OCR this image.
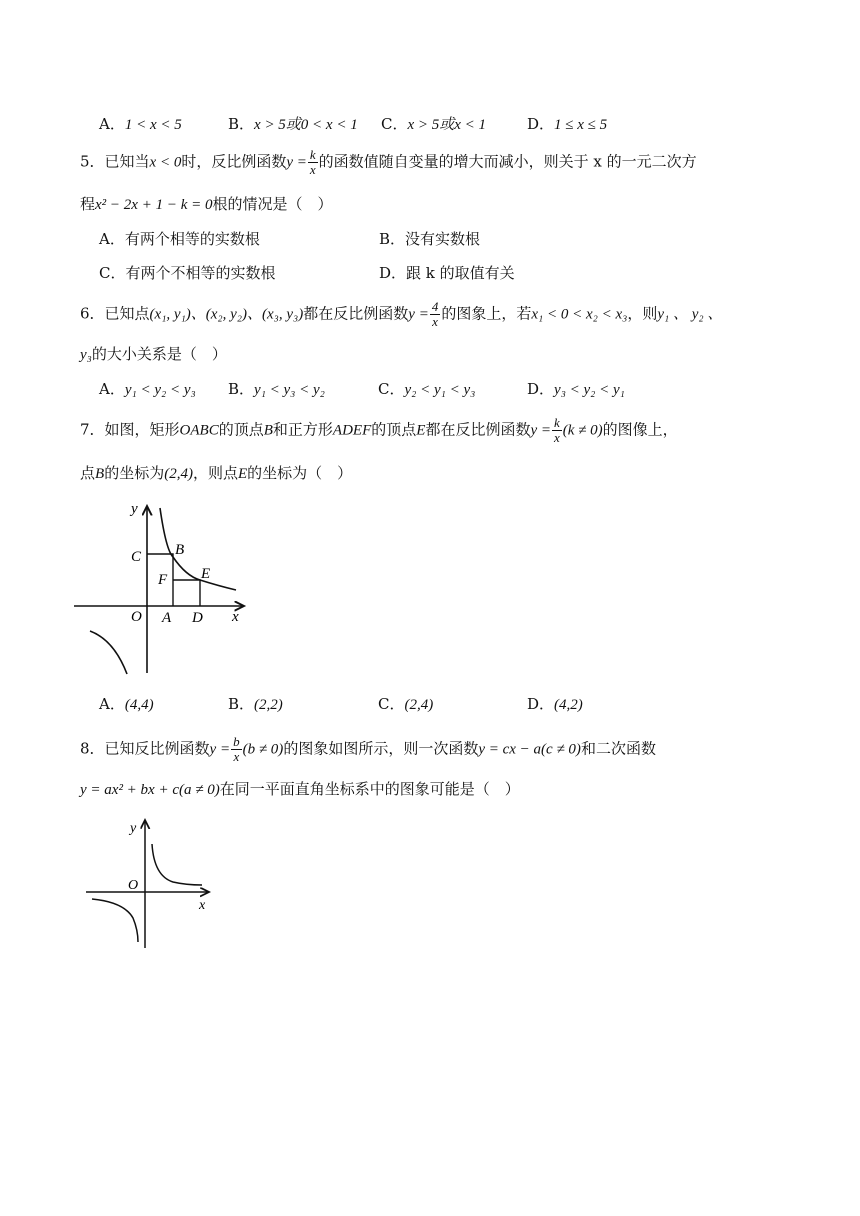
A．1 < x < 5	B．x > 5或0 < x < 1 C．x > 5或x < 1	D．1 ≤ x ≤ 5
5．已知当x < 0时，反比例函数$y = \frac{k}{x}$ 的函数值随自变量的增大而减小，则关于 x 的一元二次方
程x² − 2x + 1 − k = 0根的情况是（　）
A．有两个相等的实数根	B．没有实数根
C．有两个不相等的实数根	D．跟 k 的取值有关
6．已知点(x₁, y₁)、(x₂, y₂)、(x₃, y₃)都在反比例函数$y = \frac{4}{x}$ 的图象上，若x₁ < 0 < x₂ < x₃，则y₁ 、 y₂ 、
y₃的大小关系是（　）
A．y₁ < y₂ < y₃ B．y₁ < y₃ < y₂	C．y₂ < y₁ < y₃	D．y₃ < y₂ < y₁
7．如图，矩形OABC的顶点B和正方形ADEF的顶点E都在反比例函数$y = \frac{k}{x} (k \ne 0)$的图像上，
点B的坐标为(2,4)，则点E的坐标为（　）
y
x
O A
C B
F E
D
A．(4,4)	B．(2,2)	C．(2,4)	D．(4,2)
8．已知反比例函数$y = \frac{b}{x} (b \ne 0)$的图象如图所示，则一次函数y = cx − a(c ≠ 0)和二次函数
y = ax² + bx + c(a ≠ 0)在同一平面直角坐标系中的图象可能是（　）
y
x
O
